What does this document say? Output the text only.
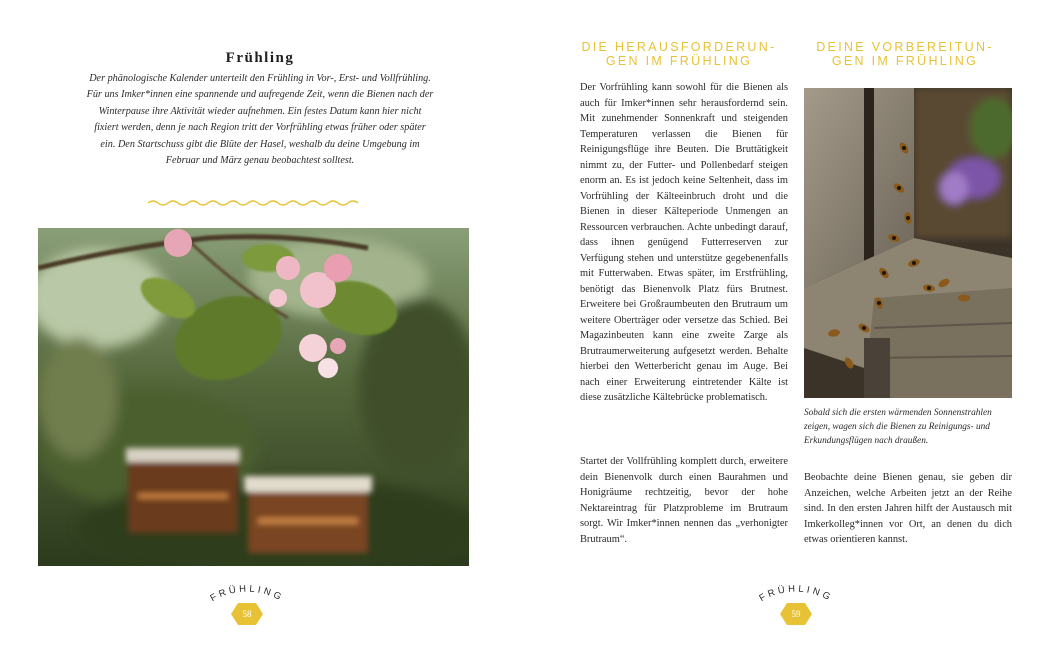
Frühling

Der phänologische Kalender unterteilt den Frühling in Vor-, Erst- und Vollfrühling. Für uns Imker*innen eine spannende und aufregende Zeit, wenn die Bienen nach der Winterpause ihre Aktivität wieder aufnehmen. Ein festes Datum kann hier nicht fixiert werden, denn je nach Region tritt der Vorfrühling etwas früher oder später ein. Den Startschuss gibt die Blüte der Hasel, weshalb du deine Umgebung im Februar und März genau beobachtest solltest.

FRÜHLING
58
DIE HERAUSFORDERUN-
GEN IM FRÜHLING

Der Vorfrühling kann sowohl für die Bienen als auch für Imker*innen sehr herausfordernd sein. Mit zunehmender Sonnenkraft und steigenden Temperaturen verlassen die Bienen für Reinigungsflüge ihre Beuten. Die Bruttätigkeit nimmt zu, der Futter- und Pollenbedarf steigen enorm an. Es ist jedoch keine Seltenheit, dass im Vorfrühling der Kälteeinbruch droht und die Bienen in dieser Kälteperiode Unmengen an Ressourcen verbrauchen. Achte unbedingt darauf, dass ihnen genügend Futterreserven zur Verfügung stehen und unterstütze gegebenenfalls mit Futterwaben. Etwas später, im Erstfrühling, benötigt das Bienenvolk Platz fürs Brutnest. Erweitere bei Großraumbeuten den Brutraum um weitere Oberträger oder versetze das Schied. Bei Magazinbeuten kann eine zweite Zarge als Brutraumerweiterung aufgesetzt werden. Behalte hierbei den Wetterbericht genau im Auge. Bei nach einer Erweiterung eintretender Kälte ist diese zusätzliche Kältebrücke problematisch.

Startet der Vollfrühling komplett durch, erweitere dein Bienenvolk durch einen Baurahmen und Honigräume rechtzeitig, bevor der hohe Nektareintrag für Platzprobleme im Brutraum sorgt. Wir Imker*innen nennen das „verhonigter Brutraum“.

DEINE VORBEREITUN-
GEN IM FRÜHLING

Sobald sich die ersten wärmenden Sonnenstrahlen zeigen, wagen sich die Bienen zu Reinigungs- und Erkundungsflügen nach draußen.

Beobachte deine Bienen genau, sie geben dir Anzeichen, welche Arbeiten jetzt an der Reihe sind. In den ersten Jahren hilft der Austausch mit Imkerkolleg*innen vor Ort, an denen du dich etwas orientieren kannst.

FRÜHLING
59
